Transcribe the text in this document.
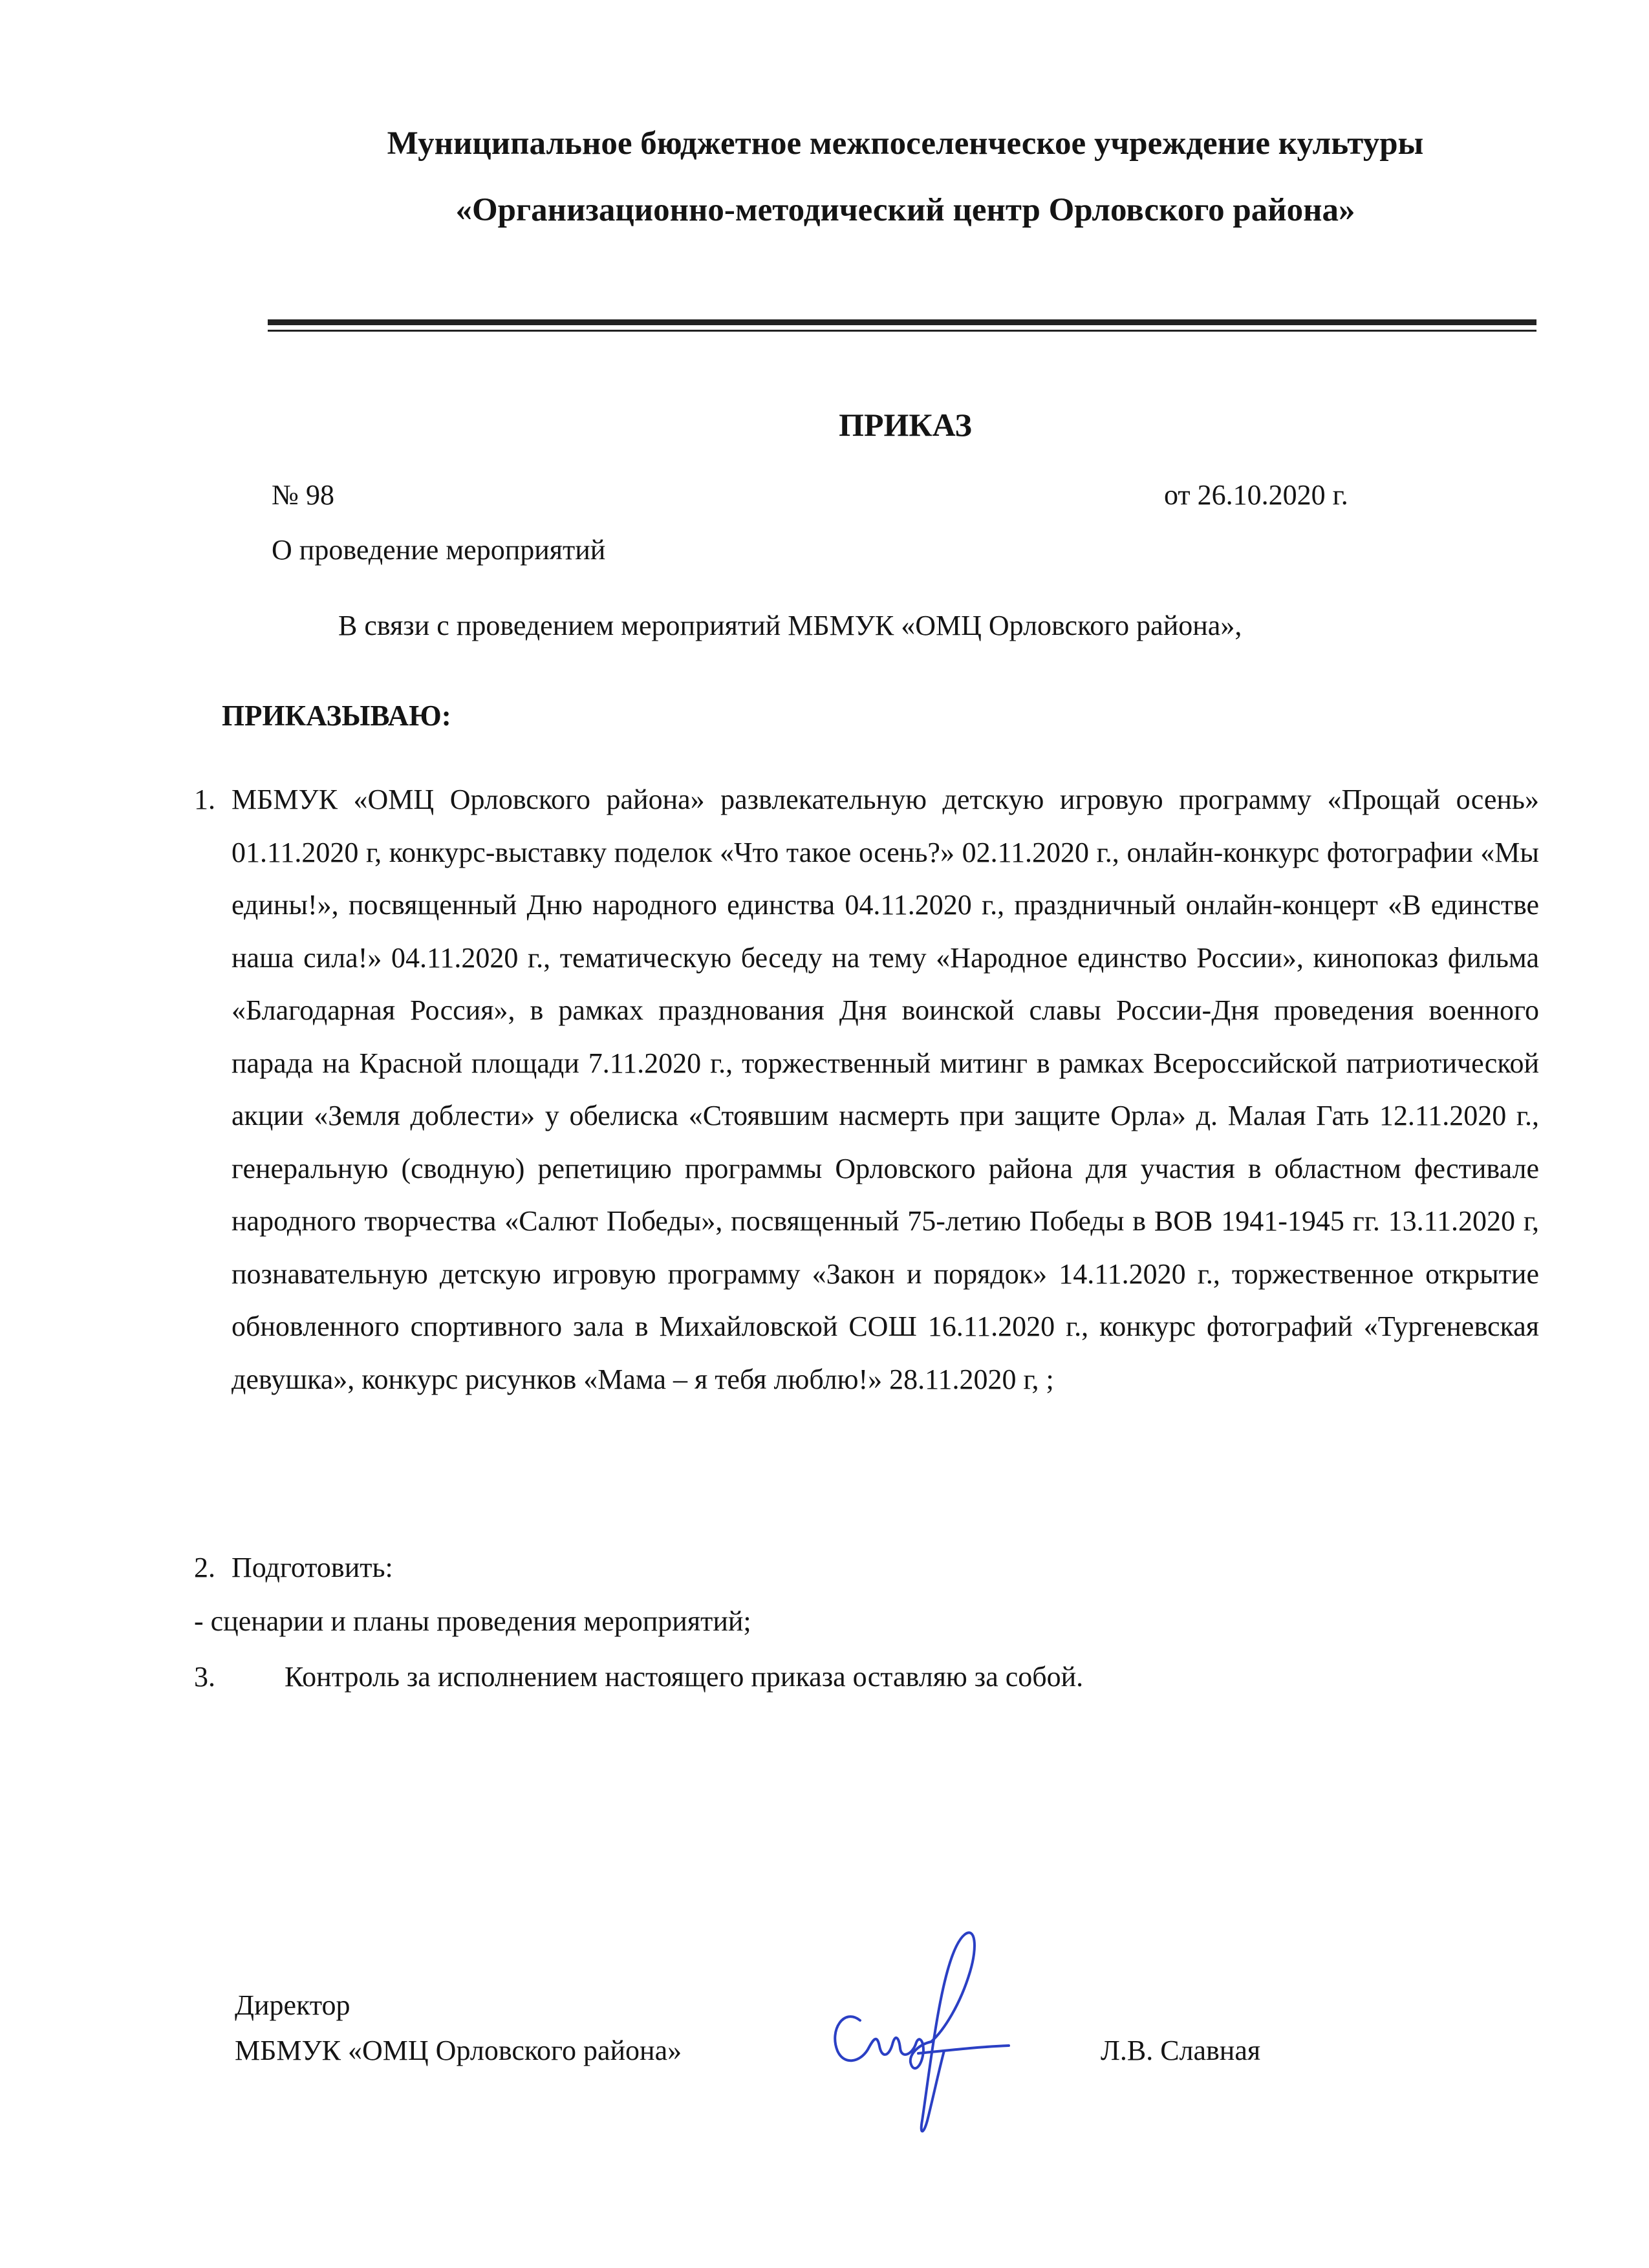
Муниципальное бюджетное межпоселенческое учреждение культуры
«Организационно-методический центр Орловского района»
ПРИКАЗ
№ 98	от 26.10.2020 г.
О проведение мероприятий
В связи с проведением мероприятий МБМУК «ОМЦ Орловского района»,
ПРИКАЗЫВАЮ:
1. МБМУК «ОМЦ Орловского района» развлекательную детскую игровую программу «Прощай осень» 01.11.2020 г, конкурс-выставку поделок «Что такое осень?» 02.11.2020 г., онлайн-конкурс фотографии «Мы едины!», посвященный Дню народного единства 04.11.2020 г., праздничный онлайн-концерт «В единстве наша сила!» 04.11.2020 г., тематическую беседу на тему «Народное единство России», кинопоказ фильма «Благодарная Россия», в рамках празднования Дня воинской славы России-Дня проведения военного парада на Красной площади 7.11.2020 г., торжественный митинг в рамках Всероссийской патриотической акции «Земля доблести» у обелиска «Стоявшим насмерть при защите Орла» д. Малая Гать 12.11.2020 г., генеральную (сводную) репетицию программы Орловского района для участия в областном фестивале народного творчества «Салют Победы», посвященный 75-летию Победы в ВОВ 1941-1945 гг. 13.11.2020 г, познавательную детскую игровую программу «Закон и порядок» 14.11.2020 г., торжественное открытие обновленного спортивного зала в Михайловской СОШ 16.11.2020 г., конкурс фотографий «Тургеневская девушка», конкурс рисунков «Мама – я тебя люблю!» 28.11.2020 г, ;
2. Подготовить:
- сценарии и планы проведения мероприятий;
3. Контроль за исполнением настоящего приказа оставляю за собой.
Директор
МБМУК «ОМЦ Орловского района»	Л.В. Славная
